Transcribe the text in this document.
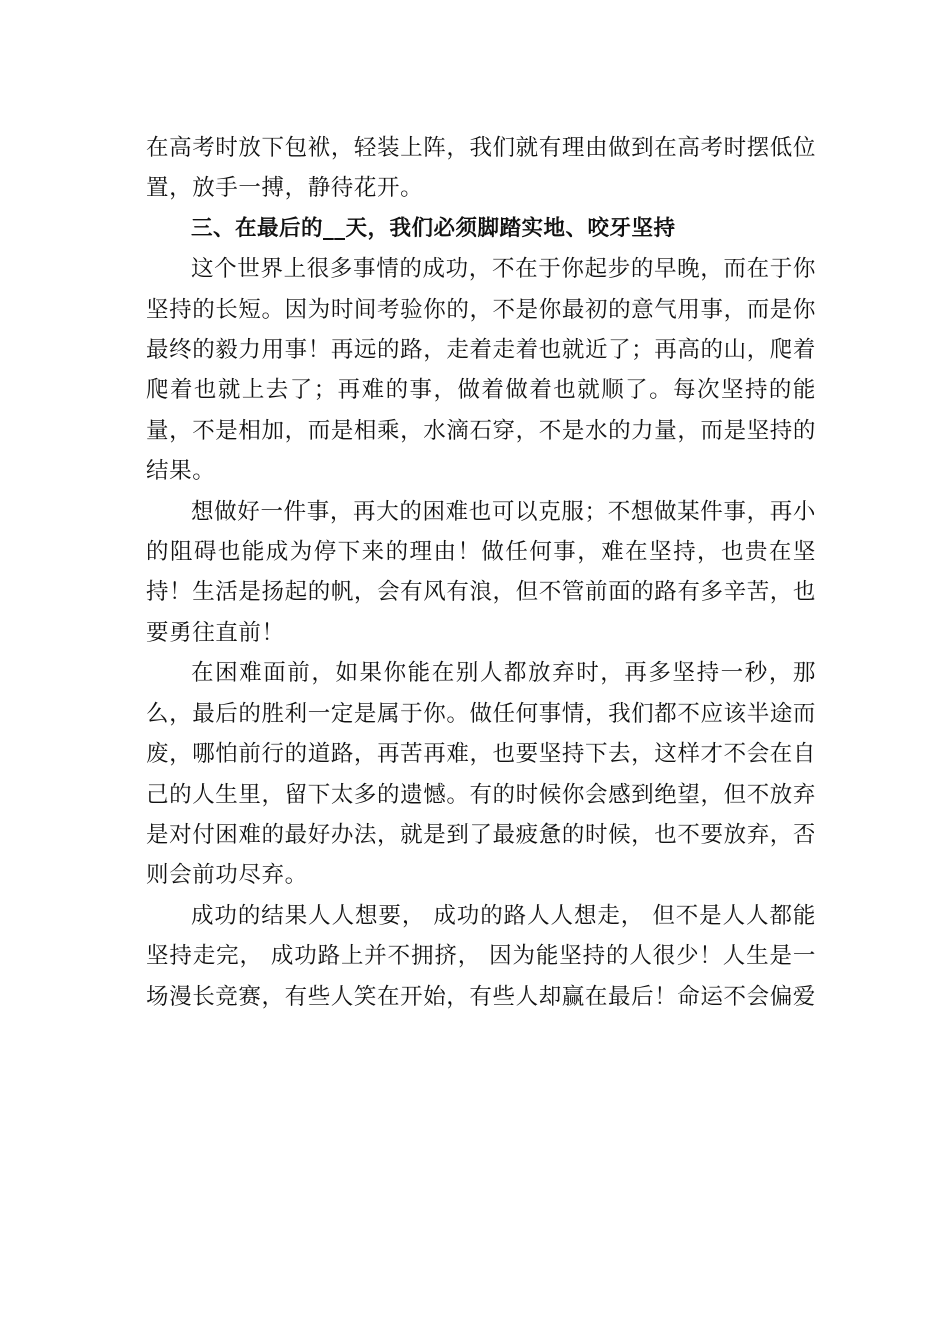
在高考时放下包袱，轻装上阵，我们就有理由做到在高考时摆低位置，放手一搏，静待花开。

三、在最后的__天，我们必须脚踏实地、咬牙坚持

这个世界上很多事情的成功，不在于你起步的早晚，而在于你坚持的长短。因为时间考验你的，不是你最初的意气用事，而是你最终的毅力用事！再远的路，走着走着也就近了；再高的山，爬着爬着也就上去了；再难的事，做着做着也就顺了。每次坚持的能量，不是相加，而是相乘，水滴石穿，不是水的力量，而是坚持的结果。

想做好一件事，再大的困难也可以克服；不想做某件事，再小的阻碍也能成为停下来的理由！做任何事，难在坚持，也贵在坚持！生活是扬起的帆，会有风有浪，但不管前面的路有多辛苦，也要勇往直前！

在困难面前，如果你能在别人都放弃时，再多坚持一秒，那么，最后的胜利一定是属于你。做任何事情，我们都不应该半途而废，哪怕前行的道路，再苦再难，也要坚持下去，这样才不会在自己的人生里，留下太多的遗憾。有的时候你会感到绝望，但不放弃是对付困难的最好办法，就是到了最疲惫的时候，也不要放弃，否则会前功尽弃。

成功的结果人人想要， 成功的路人人想走， 但不是人人都能坚持走完， 成功路上并不拥挤， 因为能坚持的人很少！人生是一场漫长竞赛，有些人笑在开始，有些人却赢在最后！命运不会偏爱
